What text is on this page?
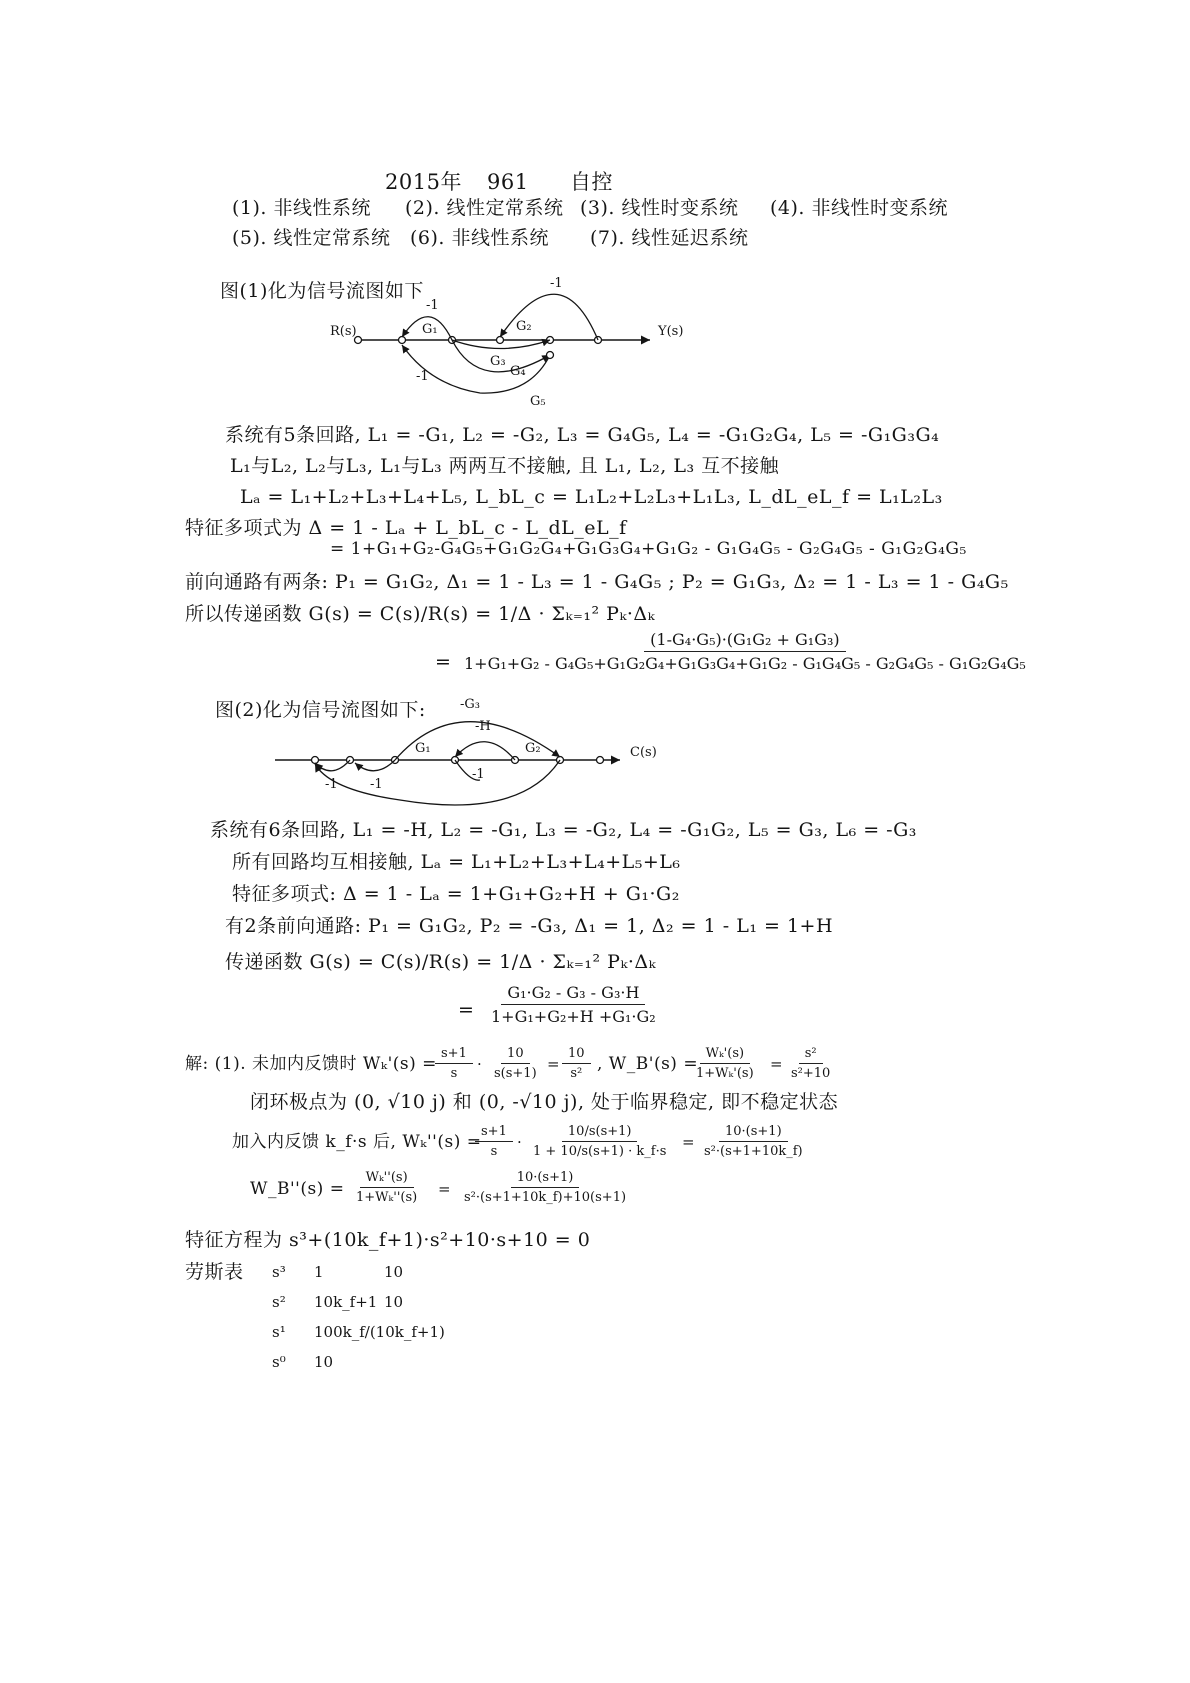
2015年 961 自控
(1). 非线性系统 (2). 线性定常系统 (3). 线性时变系统 (4). 非线性时变系统
(5). 线性定常系统 (6). 非线性系统 (7). 线性延迟系统
图(1)化为信号流图如下
R(s)	Y(s)
G₁	G₂
G₃
G₄
G₅
-1
-1
-1
系统有5条回路, L₁ = -G₁, L₂ = -G₂, L₃ = G₄G₅, L₄ = -G₁G₂G₄, L₅ = -G₁G₃G₄
L₁与L₂, L₂与L₃, L₁与L₃ 两两互不接触, 且 L₁, L₂, L₃ 互不接触
Lₐ = L₁+L₂+L₃+L₄+L₅, L_bL_c = L₁L₂+L₂L₃+L₁L₃, L_dL_eL_f = L₁L₂L₃
特征多项式为 Δ = 1 - Lₐ + L_bL_c - L_dL_eL_f
= 1+G₁+G₂-G₄G₅+G₁G₂G₄+G₁G₃G₄+G₁G₂ - G₁G₄G₅ - G₂G₄G₅ - G₁G₂G₄G₅
前向通路有两条: P₁ = G₁G₂, Δ₁ = 1 - L₃ = 1 - G₄G₅ ; P₂ = G₁G₃, Δ₂ = 1 - L₃ = 1 - G₄G₅
所以传递函数 G(s) = C(s)/R(s) = 1/Δ · Σₖ₌₁² Pₖ·Δₖ
=
(1-G₄·G₅)·(G₁G₂ + G₁G₃)
1+G₁+G₂ - G₄G₅+G₁G₂G₄+G₁G₃G₄+G₁G₂ - G₁G₄G₅ - G₂G₄G₅ - G₁G₂G₄G₅
图(2)化为信号流图如下:
C(s)
G₁	G₂
-G₃
-H
-1 -1
-1
系统有6条回路, L₁ = -H, L₂ = -G₁, L₃ = -G₂, L₄ = -G₁G₂, L₅ = G₃, L₆ = -G₃
所有回路均互相接触, Lₐ = L₁+L₂+L₃+L₄+L₅+L₆
特征多项式: Δ = 1 - Lₐ = 1+G₁+G₂+H + G₁·G₂
有2条前向通路: P₁ = G₁G₂, P₂ = -G₃, Δ₁ = 1, Δ₂ = 1 - L₁ = 1+H
传递函数 G(s) = C(s)/R(s) = 1/Δ · Σₖ₌₁² Pₖ·Δₖ
= $\frac{\text{G₁·G₂ - G₃ - G₃·H}}{\text{1+G₁+G₂+H +G₁·G₂}}$
解: (1). 未加内反馈时 Wₖ'(s) =
$\frac{s+1}{s} \cdot \frac{10}{s(s+1)} = \frac{10}{\text{s²}}$ , W_B'(s) =
$\frac{\text{Wₖ'(s)}}{\text{1+Wₖ'(s)}} = \frac{\text{s²}}{\text{s²+10}}$
闭环极点为 (0, √10 j) 和 (0, -√10 j), 处于临界稳定, 即不稳定状态
加入内反馈 k_f·s 后, Wₖ''(s) =
$\frac{s+1}{s} \cdot \frac{10/s(s+1)}{1 + 10/s(s+1) \cdot k\_f\cdot s} = \frac{10\cdot(s+1)}{\text{s²·(s+1+10k\_f)}}$
W_B''(s) = $\frac{\text{Wₖ''(s)}}{\text{1+Wₖ''(s)}} = \frac{10\cdot(s+1)}{\text{s²·(s+1+10k\_f)+10(s+1)}}$
特征方程为 s³+(10k_f+1)·s²+10·s+10 = 0
劳斯表 s³	1	10
s²	10k_f+1 10
s¹	100k_f/(10k_f+1)
s⁰	10
